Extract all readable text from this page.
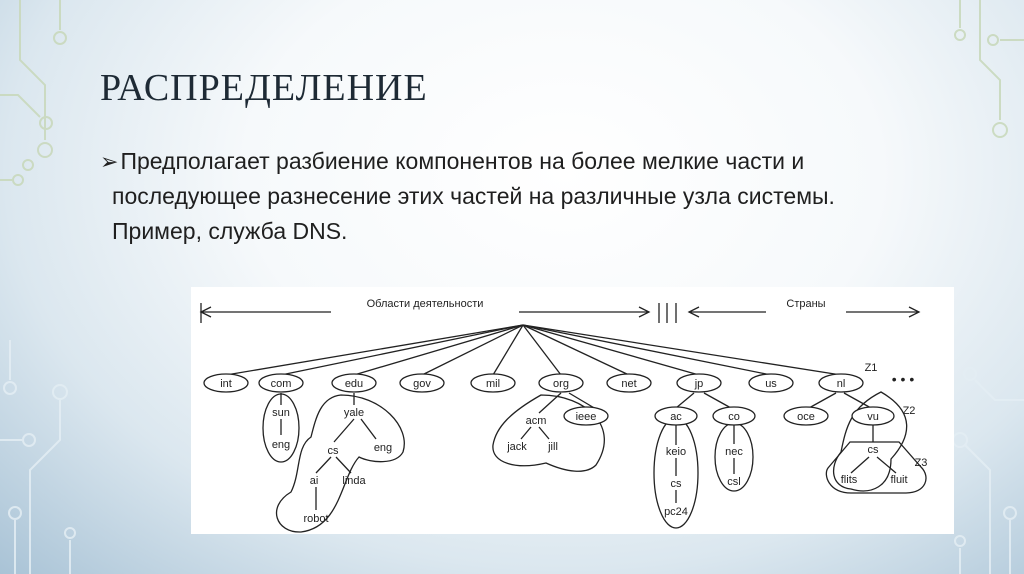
РАСПРЕДЕЛЕНИЕ
➢Предполагает разбиение компонентов на более мелкие части и
последующее разнесение этих частей на различные узла системы.
Пример, служба DNS.
Области деятельности	Страны
Z1
Z2
Z3
• • •
int	com	edu	gov	mil	org	net	jp	us	nl
sun
eng
yale
eng
cs
ai linda
robot
acm	ieee
jack jill
ac	co
keio
cs
pc24
nec
csl
oce	vu
cs
flits	fluit
